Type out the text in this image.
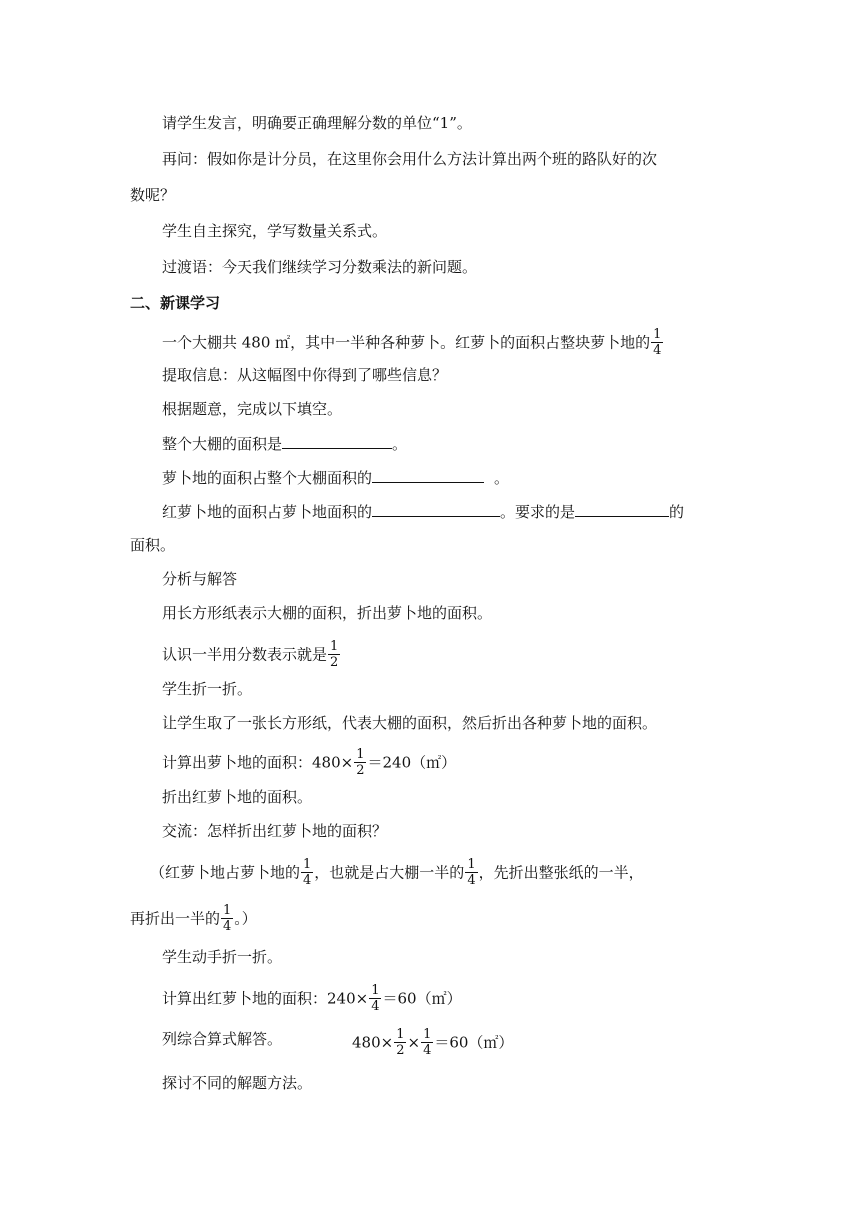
请学生发言，明确要正确理解分数的单位“1”。
再问：假如你是计分员，在这里你会用什么方法计算出两个班的路队好的次
数呢？
学生自主探究，学写数量关系式。
过渡语：今天我们继续学习分数乘法的新问题。
二、新课学习
一个大棚共 480 ㎡，其中一半种各种萝卜。红萝卜的面积占整块萝卜地的 $\frac{1}{4}$
提取信息：从这幅图中你得到了哪些信息？
根据题意，完成以下填空。
整个大棚的面积是	。
萝卜地的面积占整个大棚面积的	。
红萝卜地的面积占萝卜地面积的	。要求的是	的
面积。
分析与解答
用长方形纸表示大棚的面积，折出萝卜地的面积。
认识一半用分数表示就是 $\frac{1}{2}$
学生折一折。
让学生取了一张长方形纸，代表大棚的面积，然后折出各种萝卜地的面积。
计算出萝卜地的面积：$480\times \frac{1}{2}$ ＝240（㎡）
折出红萝卜地的面积。
交流：怎样折出红萝卜地的面积？
（红萝卜地占萝卜地的 $\frac{1}{4}$ ，也就是占大棚一半的 $\frac{1}{4}$ ，先折出整张纸的一半，
再折出一半的 $\frac{1}{4}$ 。）
学生动手折一折。
计算出红萝卜地的面积：$240\times \frac{1}{4}$ ＝60（㎡）
列综合算式解答。	$480\times \frac{1}{2} \times \frac{1}{4}$ ＝60（㎡）
探讨不同的解题方法。
